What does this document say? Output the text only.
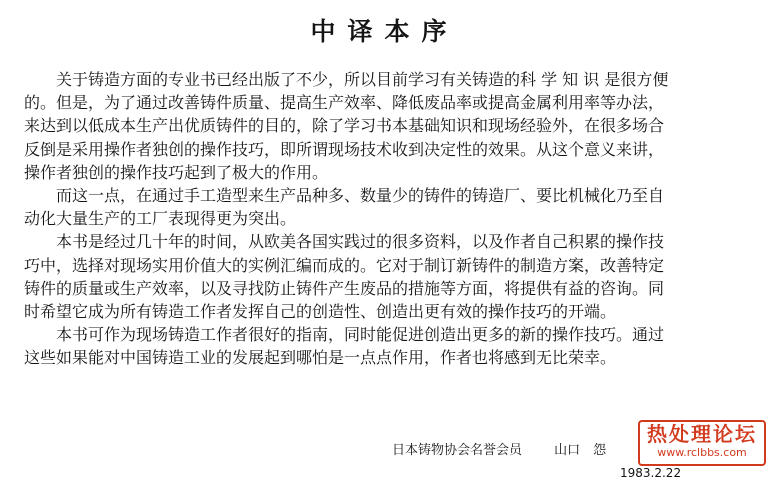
中译本序
关于铸造方面的专业书已经出版了不少，所以目前学习有关铸造的科 学 知 识 是很方便
的。但是，为了通过改善铸件质量、提高生产效率、降低废品率或提高金属利用率等办法，
来达到以低成本生产出优质铸件的目的，除了学习书本基础知识和现场经验外，在很多场合
反倒是采用操作者独创的操作技巧，即所谓现场技术收到决定性的效果。从这个意义来讲，
操作者独创的操作技巧起到了极大的作用。
而这一点，在通过手工造型来生产品种多、数量少的铸件的铸造厂、要比机械化乃至自
动化大量生产的工厂表现得更为突出。
本书是经过几十年的时间，从欧美各国实践过的很多资料，以及作者自己积累的操作技
巧中，选择对现场实用价值大的实例汇编而成的。它对于制订新铸件的制造方案，改善特定
铸件的质量或生产效率，以及寻找防止铸件产生废品的措施等方面，将提供有益的咨询。同
时希望它成为所有铸造工作者发挥自己的创造性、创造出更有效的操作技巧的开端。
本书可作为现场铸造工作者很好的指南，同时能促进创造出更多的新的操作技巧。通过
这些如果能对中国铸造工业的发展起到哪怕是一点点作用，作者也将感到无比荣幸。
日本铸物协会名誉会员 山口　怨
1983.2.22
热处理论坛
www.rclbbs.com
